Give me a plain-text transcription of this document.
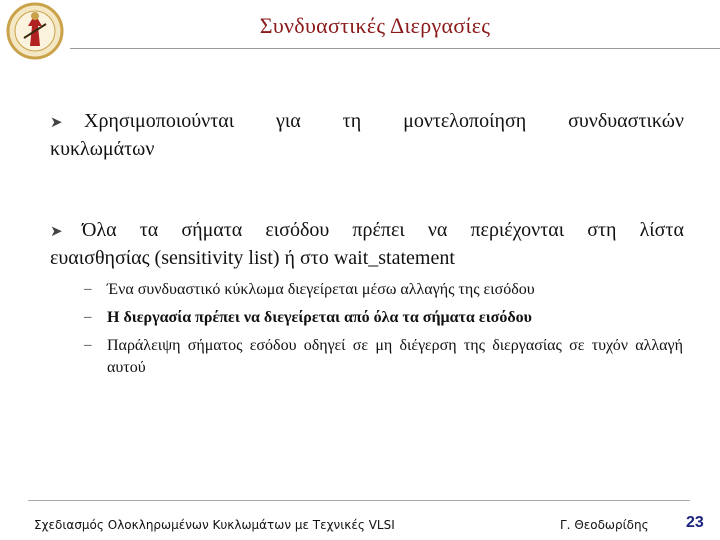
Συνδυαστικές Διεργασίες
➤ Χρησιμοποιούνται για τη μοντελοποίηση συνδυαστικών
κυκλωμάτων
➤ Όλα τα σήματα εισόδου πρέπει να περιέχονται στη λίστα
ευαισθησίας (sensitivity list) ή στο wait_statement
– Ένα συνδυαστικό κύκλωμα διεγείρεται μέσω αλλαγής της εισόδου
– Η διεργασία πρέπει να διεγείρεται από όλα τα σήματα εισόδου
– Παράλειψη σήματος εσόδου οδηγεί σε μη διέγερση της διεργασίας σε τυχόν αλλαγή αυτού
Σχεδιασμός Ολοκληρωμένων Κυκλωμάτων με Τεχνικές VLSI	Γ. Θεοδωρίδης 23
